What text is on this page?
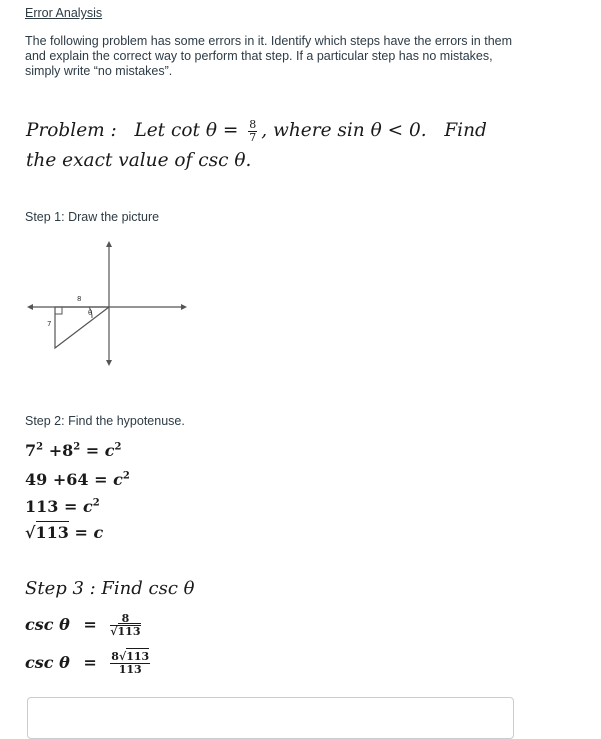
Error Analysis
The following problem has some errors in it. Identify which steps have the errors in them and explain the correct way to perform that step. If a particular step has no mistakes, simply write “no mistakes”.
Problem : Let $\cot \theta = \frac{8}{7}$ , where sin θ < 0. Find
the exact value of csc θ.
Step 1: Draw the picture
8
7
θ
Step 2: Find the hypotenuse.
$7^2 +8^2 = c^2$
$49 +64 = c^2$
$113 = c^2$
√113 = c
Step 3 : Find csc θ
$\csc \theta = \frac{8}{√113}$
$\csc \theta = \frac{8√113}{113}$
